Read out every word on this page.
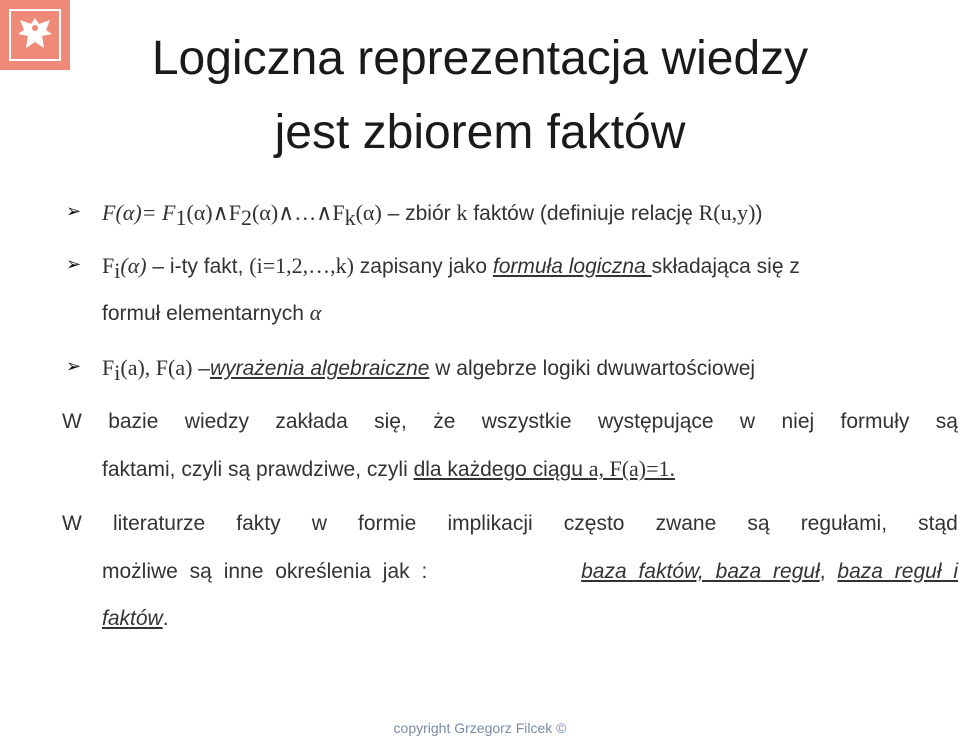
Logiczna reprezentacja wiedzy
jest zbiorem faktów
➢ $F(\alpha)= F_1(\alpha)\wedge F_2(\alpha)\wedge\dots\wedge F_k(\alpha)$ – zbiór k faktów (definiuje relację R(u,y))
➢ $F_i(\alpha) - i-ty$ fakt, (i=1,2,…,k) zapisany jako formuła logiczna składająca się z
formuł elementarnych α
➢ $F_i(a)$, F(a) –wyrażenia algebraiczne w algebrze logiki dwuwartościowej
W bazie wiedzy zakłada się, że wszystkie występujące w niej formuły są
faktami, czyli są prawdziwe, czyli dla każdego ciągu a, F(a)=1.
W literaturze fakty w formie implikacji często zwane są regułami, stąd
możliwe są inne określenia jak :	baza faktów, baza reguł, baza reguł i
faktów.
copyright Grzegorz Filcek ©
